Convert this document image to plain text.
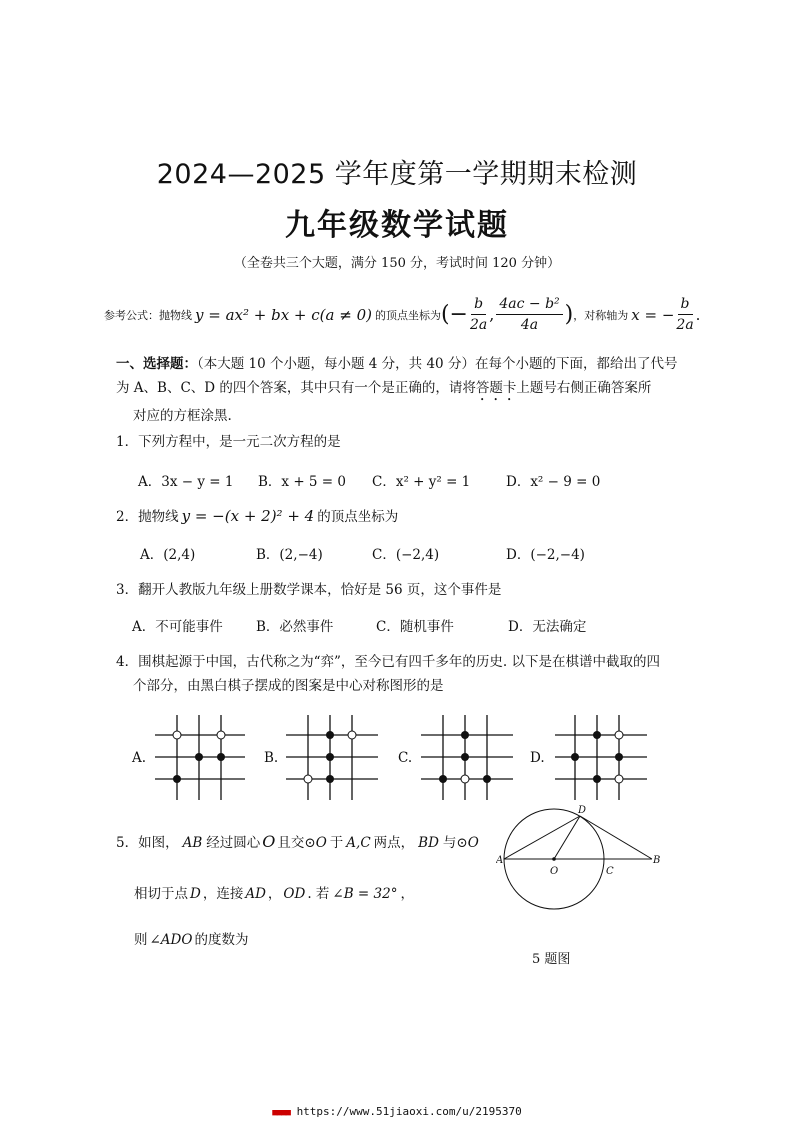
2024—2025 学年度第一学期期末检测
九年级数学试题
（全卷共三个大题，满分 150 分，考试时间 120 分钟）
参考公式：抛物线 y = ax² + bx + c(a ≠ 0) 的顶点坐标为 (− $\frac{b}{2a}$ , $\frac{\text{4ac − b²}}{4a}$ ) ，对称轴为 x = − $\frac{b}{2a}$ .
一、选择题：（本大题 10 个小题，每小题 4 分，共 40 分）在每个小题的下面，都给出了代号
为 A、B、C、D 的四个答案，其中只有一个是正确的，请将答题卡上题号右侧正确答案所
对应的方框涂黑.
1．下列方程中，是一元二次方程的是
A．3x − y = 1 B．x + 5 = 0 C．x² + y² = 1	D．x² − 9 = 0
2．抛物线 y = −(x + 2)² + 4 的顶点坐标为
A．(2,4)	B．(2,−4)	C．(−2,4)	D．(−2,−4)
3．翻开人教版九年级上册数学课本，恰好是 56 页，这个事件是
A．不可能事件 B．必然事件	C．随机事件	D．无法确定
4．围棋起源于中国，古代称之为“弈”，至今已有四千多年的历史. 以下是在棋谱中截取的四
个部分，由黑白棋子摆成的图案是中心对称图形的是
A.	B.	C.	D.
5．如图， AB 经过圆心 O 且交⊙O 于 A,C 两点， BD 与⊙O
相切于点 D ，连接 AD ， OD . 若 ∠B = 32° ，
则 ∠ADO 的度数为
A	B
C
D
O
5 题图
■■■■ https://www.51jiaoxi.com/u/2195370
